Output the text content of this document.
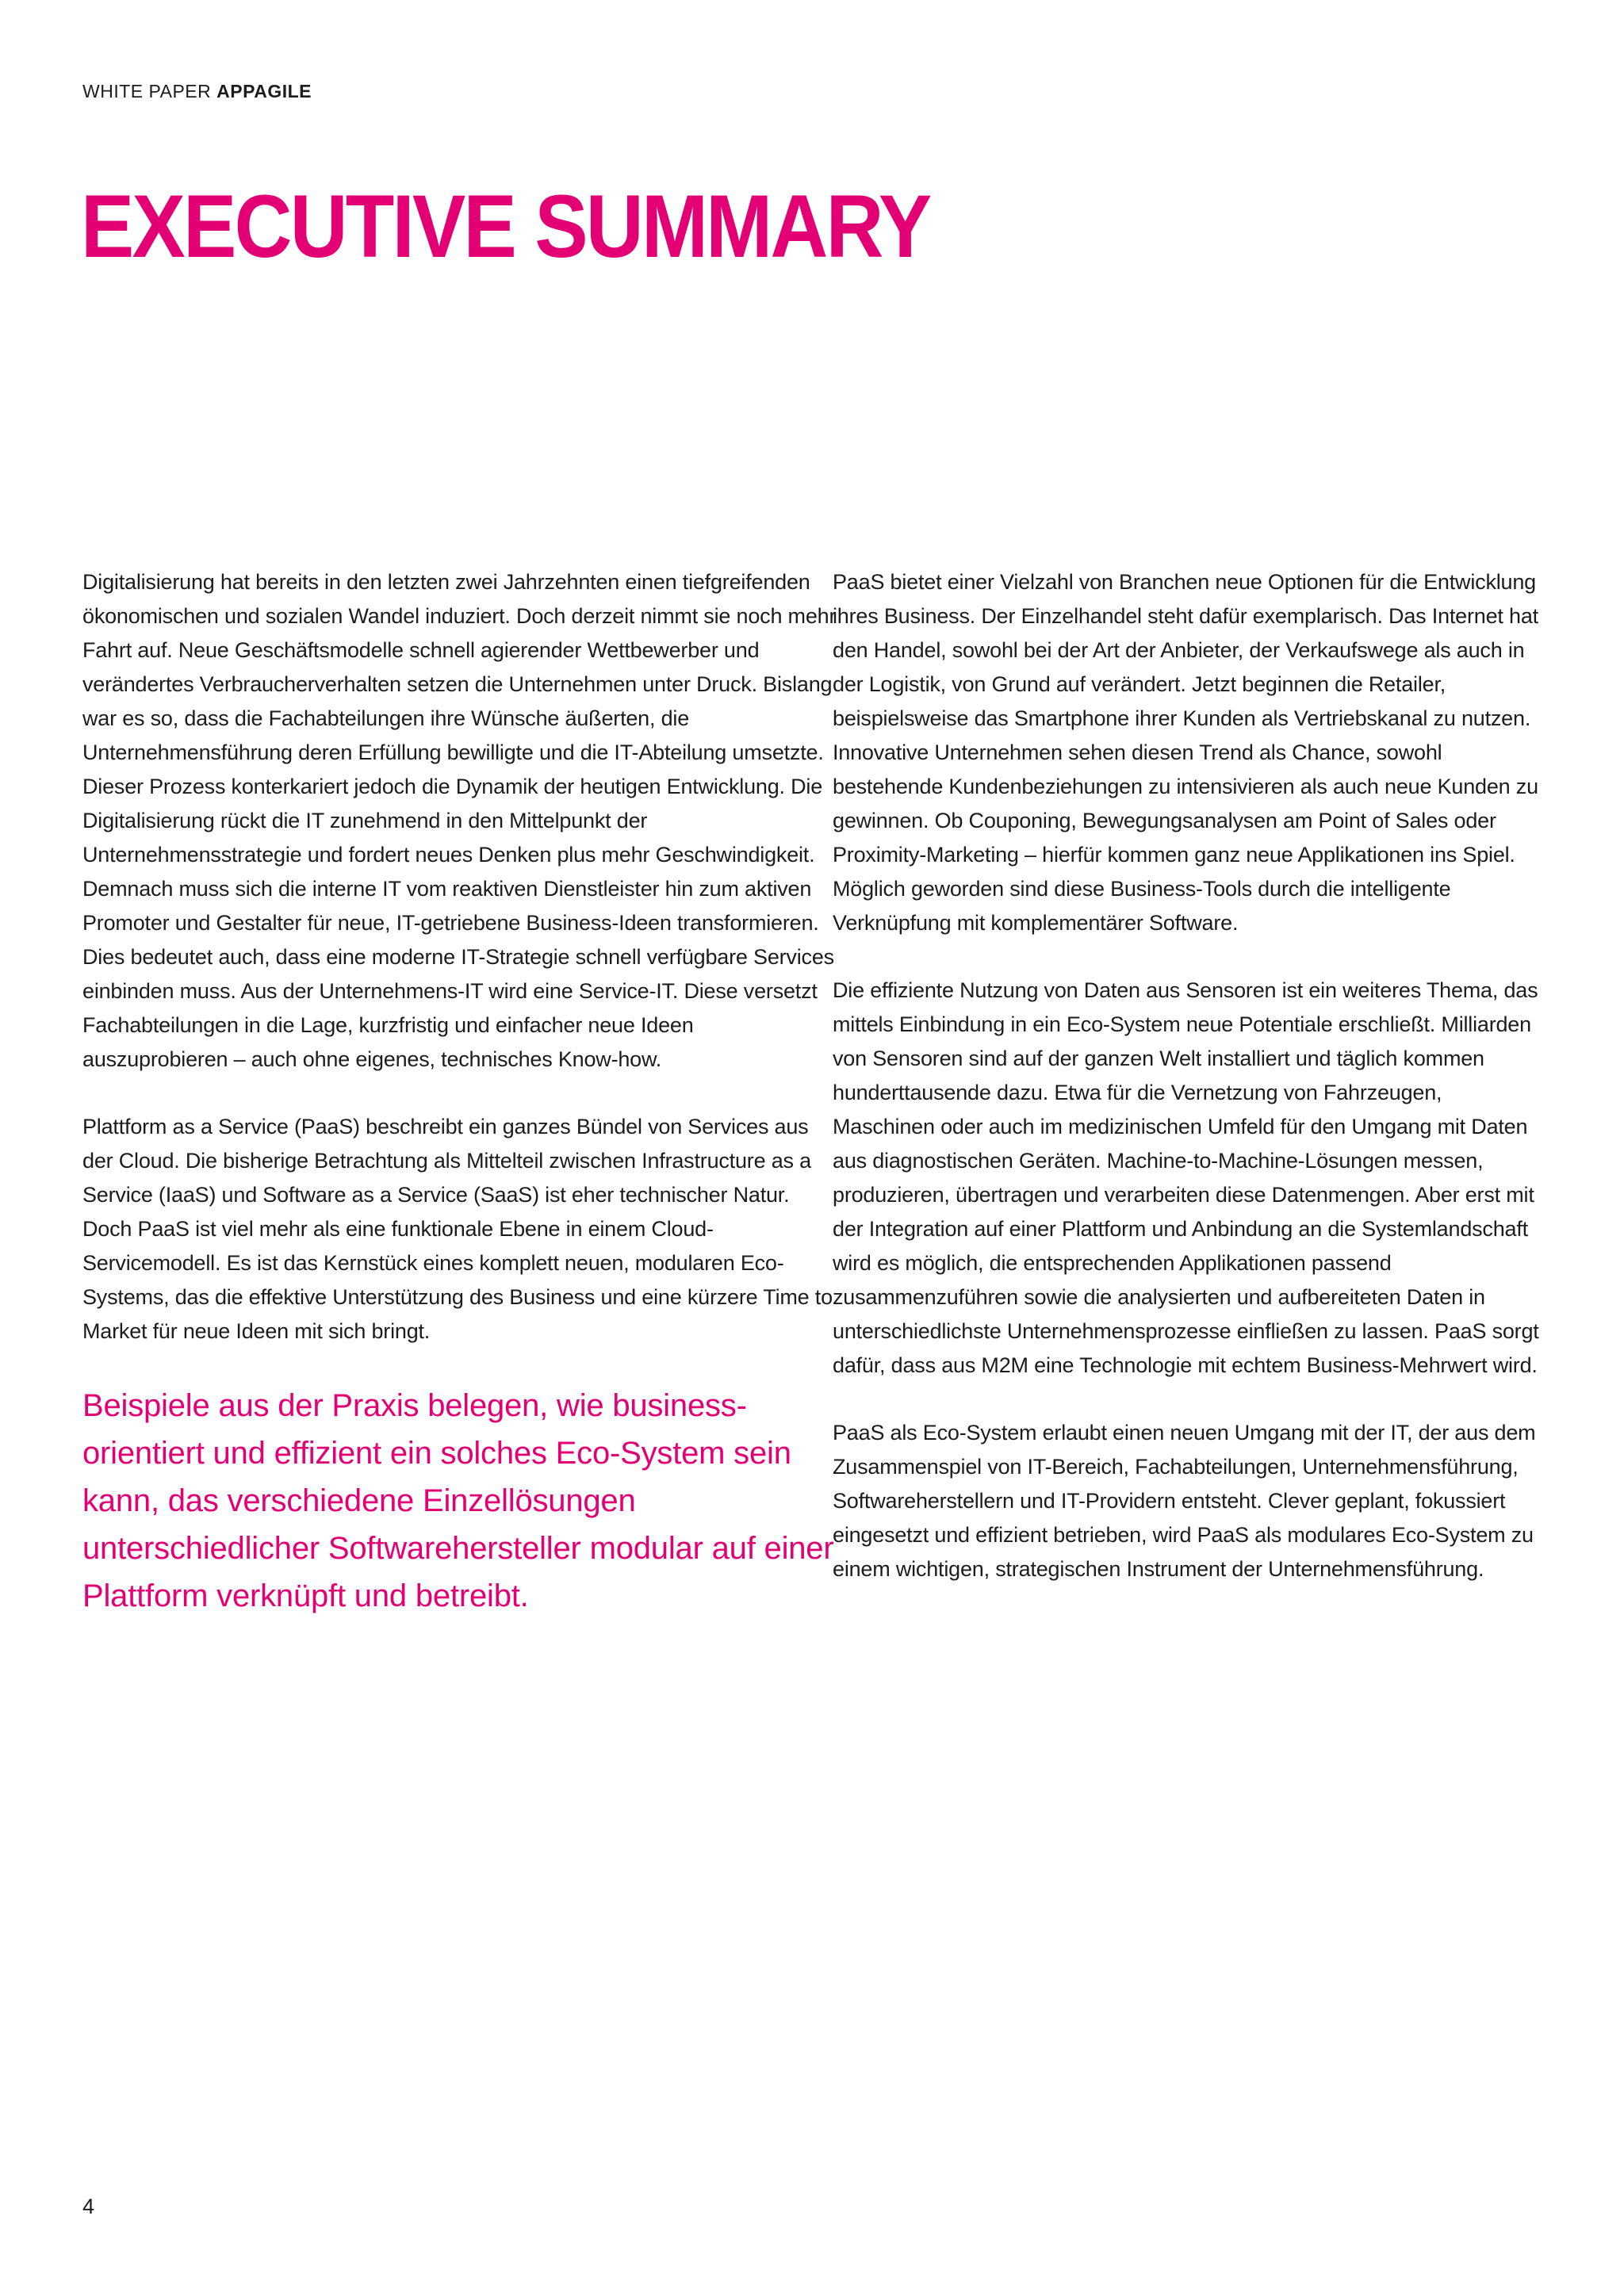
WHITE PAPER APPAGILE
EXECUTIVE SUMMARY

Digitalisierung hat bereits in den letzten zwei Jahrzehnten einen tiefgreifenden ökonomischen und sozialen Wandel induziert. Doch derzeit nimmt sie noch mehr Fahrt auf. Neue Geschäftsmodelle schnell agierender Wettbewerber und verändertes Verbraucherverhalten setzen die Unternehmen unter Druck. Bislang war es so, dass die Fachabteilungen ihre Wünsche äußerten, die Unternehmensführung deren Erfüllung bewilligte und die IT-Abteilung umsetzte. Dieser Prozess konterkariert jedoch die Dynamik der heutigen Entwicklung. Die Digitalisierung rückt die IT zunehmend in den Mittelpunkt der Unternehmensstrategie und fordert neues Denken plus mehr Geschwindigkeit. Demnach muss sich die interne IT vom reaktiven Dienstleister hin zum aktiven Promoter und Gestalter für neue, IT-getriebene Business-Ideen transformieren. Dies bedeutet auch, dass eine moderne IT-Strategie schnell verfügbare Services einbinden muss. Aus der Unternehmens-IT wird eine Service-IT. Diese versetzt Fachabteilungen in die Lage, kurzfristig und einfacher neue Ideen auszuprobieren – auch ohne eigenes, technisches Know-how.

Plattform as a Service (PaaS) beschreibt ein ganzes Bündel von Services aus der Cloud. Die bisherige Betrachtung als Mittelteil zwischen Infrastructure as a Service (IaaS) und Software as a Service (SaaS) ist eher technischer Natur. Doch PaaS ist viel mehr als eine funktionale Ebene in einem Cloud-Servicemodell. Es ist das Kernstück eines komplett neuen, modularen Eco-Systems, das die effektive Unterstützung des Business und eine kürzere Time to Market für neue Ideen mit sich bringt.

Beispiele aus der Praxis belegen, wie business-orientiert und effizient ein solches Eco-System sein kann, das verschiedene Einzellösungen unterschiedlicher Softwarehersteller modular auf einer Plattform verknüpft und betreibt.

PaaS bietet einer Vielzahl von Branchen neue Optionen für die Entwicklung ihres Business. Der Einzelhandel steht dafür exemplarisch. Das Internet hat den Handel, sowohl bei der Art der Anbieter, der Verkaufswege als auch in der Logistik, von Grund auf verändert. Jetzt beginnen die Retailer, beispielsweise das Smartphone ihrer Kunden als Vertriebskanal zu nutzen. Innovative Unternehmen sehen diesen Trend als Chance, sowohl bestehende Kundenbeziehungen zu intensivieren als auch neue Kunden zu gewinnen. Ob Couponing, Bewegungsanalysen am Point of Sales oder Proximity-Marketing – hierfür kommen ganz neue Applikationen ins Spiel. Möglich geworden sind diese Business-Tools durch die intelligente Verknüpfung mit komplementärer Software.

Die effiziente Nutzung von Daten aus Sensoren ist ein weiteres Thema, das mittels Einbindung in ein Eco-System neue Potentiale erschließt. Milliarden von Sensoren sind auf der ganzen Welt installiert und täglich kommen hunderttausende dazu. Etwa für die Vernetzung von Fahrzeugen, Maschinen oder auch im medizinischen Umfeld für den Umgang mit Daten aus diagnostischen Geräten. Machine-to-Machine-Lösungen messen, produzieren, übertragen und verarbeiten diese Datenmengen. Aber erst mit der Integration auf einer Plattform und Anbindung an die Systemlandschaft wird es möglich, die entsprechenden Applikationen passend zusammenzuführen sowie die analysierten und aufbereiteten Daten in unterschiedlichste Unternehmensprozesse einfließen zu lassen. PaaS sorgt dafür, dass aus M2M eine Technologie mit echtem Business-Mehrwert wird.

PaaS als Eco-System erlaubt einen neuen Umgang mit der IT, der aus dem Zusammenspiel von IT-Bereich, Fachabteilungen, Unternehmensführung, Softwareherstellern und IT-Providern entsteht. Clever geplant, fokussiert eingesetzt und effizient betrieben, wird PaaS als modulares Eco-System zu einem wichtigen, strategischen Instrument der Unternehmensführung.

4
